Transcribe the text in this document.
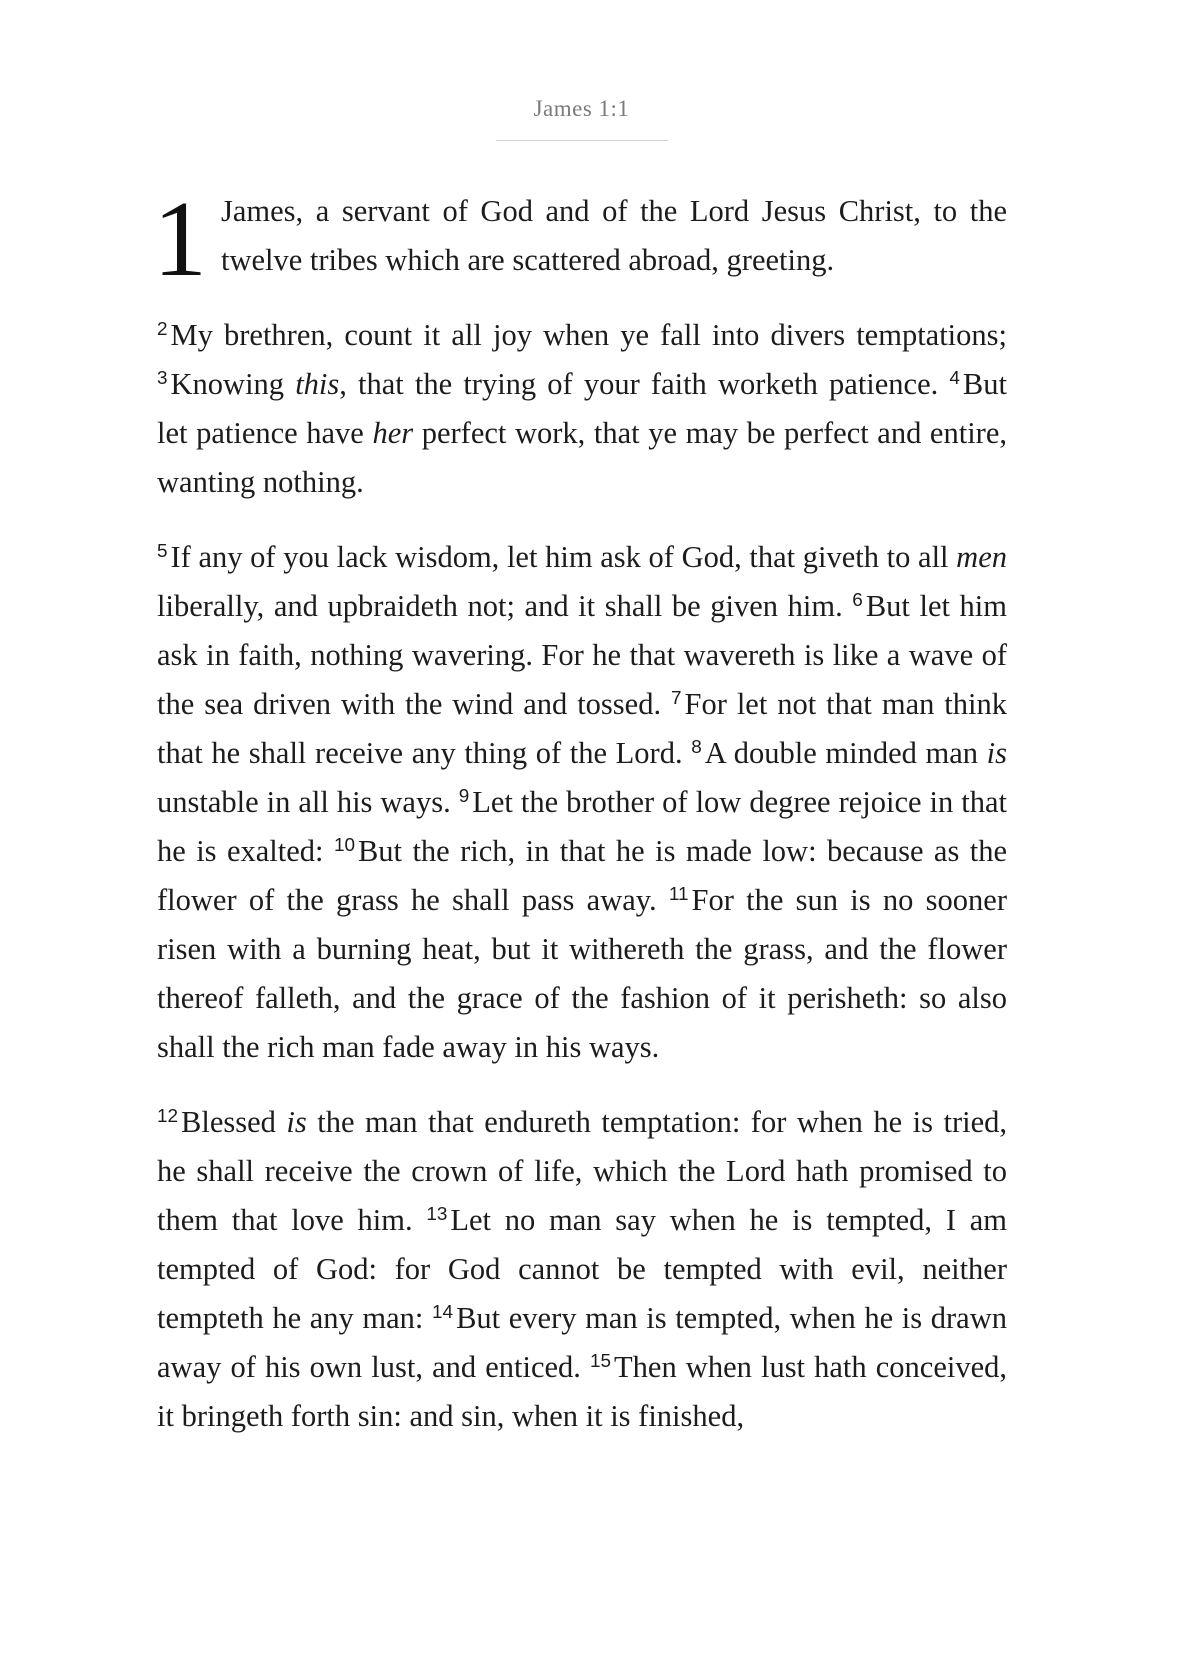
James 1:1

1 James, a servant of God and of the Lord Jesus Christ, to the twelve tribes which are scattered abroad, greeting.

$^2$My brethren, count it all joy when ye fall into divers temptations; $^3$Knowing this, that the trying of your faith worketh patience. $^4$But let patience have her perfect work, that ye may be perfect and entire, wanting nothing.

$^5$If any of you lack wisdom, let him ask of God, that giveth to all men liberally, and upbraideth not; and it shall be given him. $^6$But let him ask in faith, nothing wavering. For he that wavereth is like a wave of the sea driven with the wind and tossed. $^7$For let not that man think that he shall receive any thing of the Lord. $^8$A double minded man is unstable in all his ways. $^9$Let the brother of low degree rejoice in that he is exalted: $^{10}$But the rich, in that he is made low: because as the flower of the grass he shall pass away. $^{11}$For the sun is no sooner risen with a burning heat, but it withereth the grass, and the flower thereof falleth, and the grace of the fashion of it perisheth: so also shall the rich man fade away in his ways.

$^{12}$Blessed is the man that endureth temptation: for when he is tried, he shall receive the crown of life, which the Lord hath promised to them that love him. $^{13}$Let no man say when he is tempted, I am tempted of God: for God cannot be tempted with evil, neither tempteth he any man: $^{14}$But every man is tempted, when he is drawn away of his own lust, and enticed. $^{15}$Then when lust hath conceived, it bringeth forth sin: and sin, when it is finished,
